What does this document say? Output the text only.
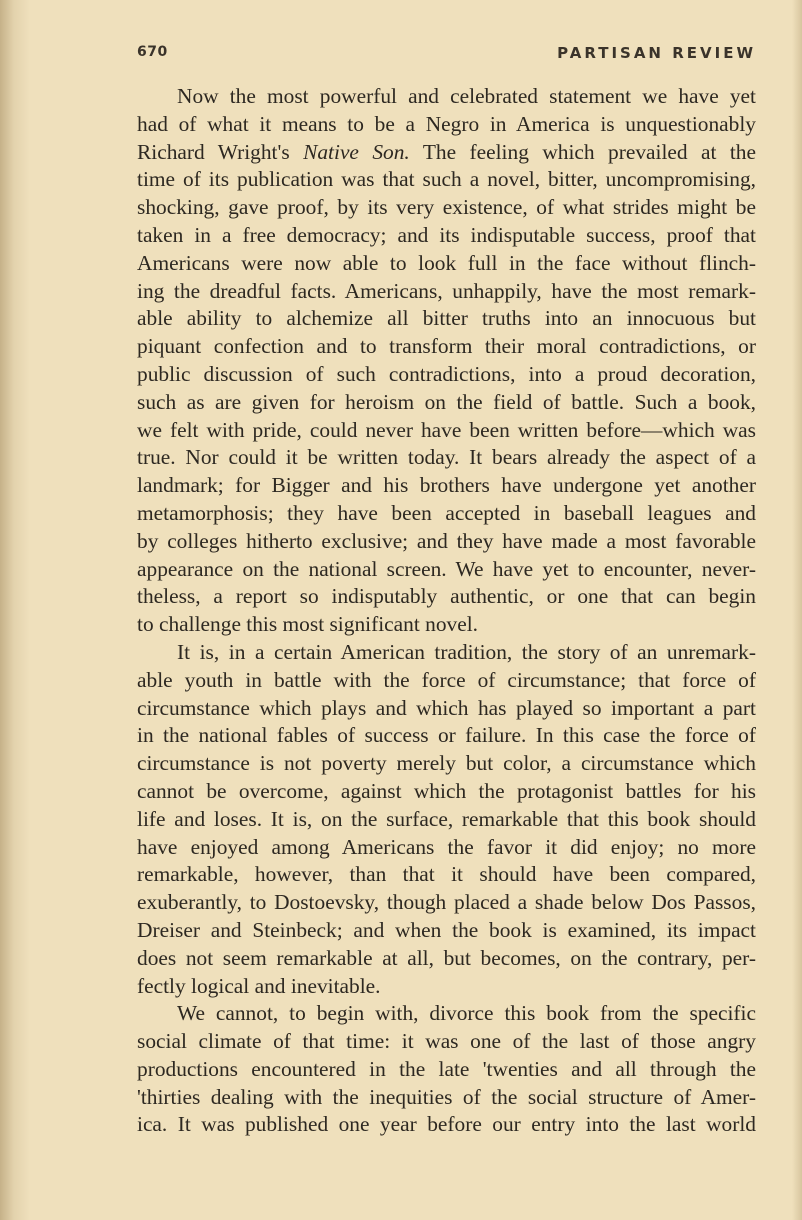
670	PARTISAN REVIEW
Now the most powerful and celebrated statement we have yet
had of what it means to be a Negro in America is unquestionably
Richard Wright's Native Son. The feeling which prevailed at the
time of its publication was that such a novel, bitter, uncompromising,
shocking, gave proof, by its very existence, of what strides might be
taken in a free democracy; and its indisputable success, proof that
Americans were now able to look full in the face without flinch-
ing the dreadful facts. Americans, unhappily, have the most remark-
able ability to alchemize all bitter truths into an innocuous but
piquant confection and to transform their moral contradictions, or
public discussion of such contradictions, into a proud decoration,
such as are given for heroism on the field of battle. Such a book,
we felt with pride, could never have been written before—which was
true. Nor could it be written today. It bears already the aspect of a
landmark; for Bigger and his brothers have undergone yet another
metamorphosis; they have been accepted in baseball leagues and
by colleges hitherto exclusive; and they have made a most favorable
appearance on the national screen. We have yet to encounter, never-
theless, a report so indisputably authentic, or one that can begin
to challenge this most significant novel.
It is, in a certain American tradition, the story of an unremark-
able youth in battle with the force of circumstance; that force of
circumstance which plays and which has played so important a part
in the national fables of success or failure. In this case the force of
circumstance is not poverty merely but color, a circumstance which
cannot be overcome, against which the protagonist battles for his
life and loses. It is, on the surface, remarkable that this book should
have enjoyed among Americans the favor it did enjoy; no more
remarkable, however, than that it should have been compared,
exuberantly, to Dostoevsky, though placed a shade below Dos Passos,
Dreiser and Steinbeck; and when the book is examined, its impact
does not seem remarkable at all, but becomes, on the contrary, per-
fectly logical and inevitable.
We cannot, to begin with, divorce this book from the specific
social climate of that time: it was one of the last of those angry
productions encountered in the late 'twenties and all through the
'thirties dealing with the inequities of the social structure of Amer-
ica. It was published one year before our entry into the last world
